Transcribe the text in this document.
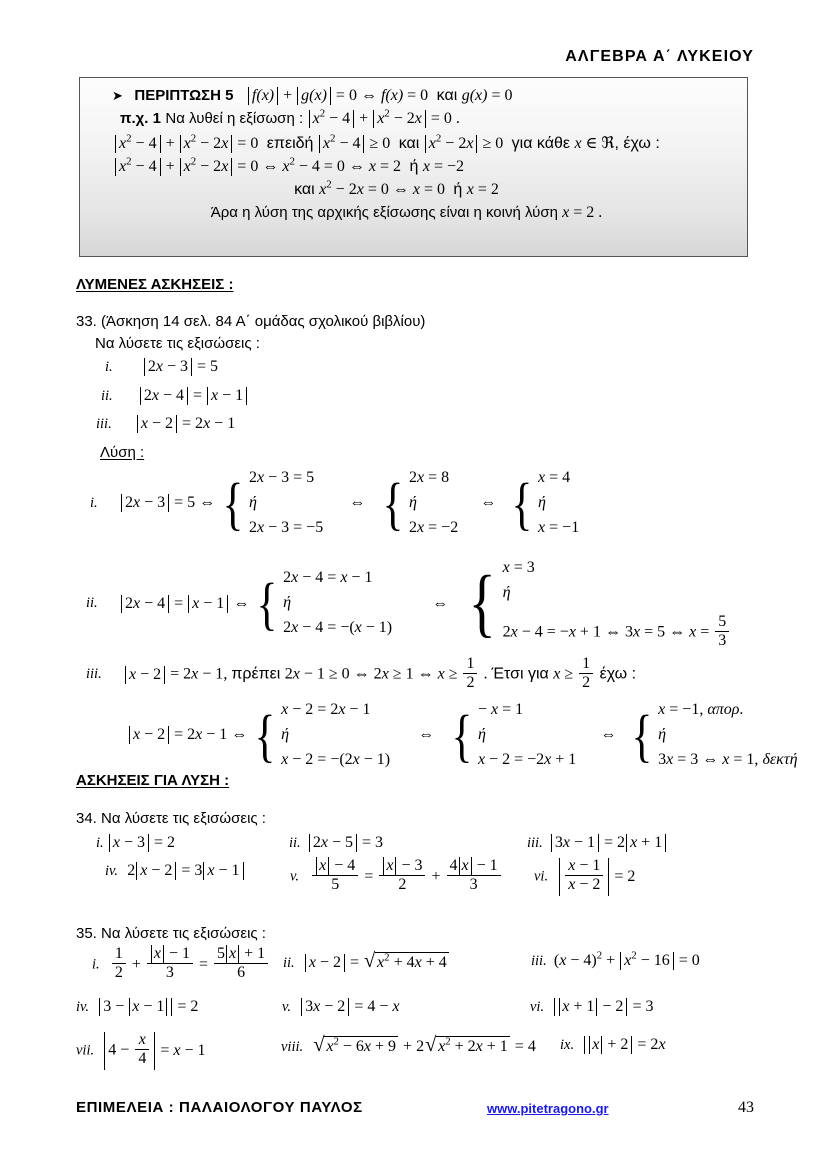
ΑΛΓΕΒΡΑ Α΄ ΛΥΚΕΙΟΥ
➤ ΠΕΡΙΠΤΩΣΗ 5 f(x) + g(x) = 0 ⇔ f(x) = 0  και g(x) = 0
π.χ. 1 Να λυθεί η εξίσωση : $x^2 - 4 + x^2 - 2x = 0$ .
$x^2 - 4 + x^2 - 2x = 0$  επειδή $x^2 - 4 \ge 0$  και $x^2 - 2x \ge 0$  για κάθε x ∈ ℜ, έχω :
$x^2 - 4 + x^2 - 2x = 0$ ⇔ $x^2 - 4 = 0$ ⇔ x = 2  ή x = −2
και $x^2 - 2x = 0$ ⇔ x = 0  ή x = 2
Άρα η λύση της αρχικής εξίσωσης είναι η κοινή λύση x = 2 .
ΛΥΜΕΝΕΣ ΑΣΚΗΣΕΙΣ :
33. (Άσκηση 14 σελ. 84 Α΄ ομάδας σχολικού βιβλίου)
Να λύσετε τις εξισώσεις :
i. 2x − 3 = 5
ii. 2x − 4 = x − 1
iii. x − 2 = 2x − 1
Λύση :
i.	2x − 3 = 5 ⇔ { 2x − 3 = 5
ή
2x − 3 = −5
⇔ { 2x = 8
ή
2x = −2
⇔ { x = 4
ή
x = −1
ii.	2x − 4 = x − 1 ⇔ { 2x − 4 = x − 1
ή
2x − 4 = −(x − 1)
⇔ { x = 3
ή
2x − 4 = −x + 1 ⇔ 3x = 5 ⇔ $x = \frac{5}{3}$
iii.	x − 2 = 2x − 1, πρέπει 2x − 1 ≥ 0 ⇔ 2x ≥ 1 ⇔ $x \ge \frac{1}{2}$ . Έτσι για $x \ge \frac{1}{2}$ έχω :
x − 2 = 2x − 1 ⇔ { x − 2 = 2x − 1
ή
x − 2 = −(2x − 1)
⇔ { − x = 1
ή
x − 2 = −2x + 1
⇔ { x = −1, απορ.
ή
3x = 3 ⇔ x = 1, δεκτή
ΑΣΚΗΣΕΙΣ ΓΙΑ ΛΥΣΗ :
34. Να λύσετε τις εξισώσεις :
i. x − 3 = 2	ii. 2x − 5 = 3	iii. 3x − 1 = 2 x + 1
iv. 2 x − 2 = 3 x − 1	v. $\frac{x - 4}{5} = \frac{x - 3}{2} + \frac{4 x - 1}{3}$ vi. $\frac{x - 1}{x - 2} = 2$
35. Να λύσετε τις εξισώσεις :
i. $\frac{1}{2} + \frac{x - 1}{3} = \frac{5 x + 1}{6}$ ii. x − 2 = √ $x^2 + 4x + 4$	iii. $(x - 4)^2 + x^2 - 16 = 0$
iv. 3 − x − 1 = 2	v. 3x − 2 = 4 − x	vi. x + 1 − 2 = 3
vii. $4 - \frac{x}{4} = x - 1$	viii. √ $x^2 - 6x + 9 + 2$ √ $x^2 + 2x + 1 = 4$ ix. x + 2 = 2x
ΕΠΙΜΕΛΕΙΑ : ΠΑΛΑΙΟΛΟΓΟΥ ΠΑΥΛΟΣ	www.pitetragono.gr	43
